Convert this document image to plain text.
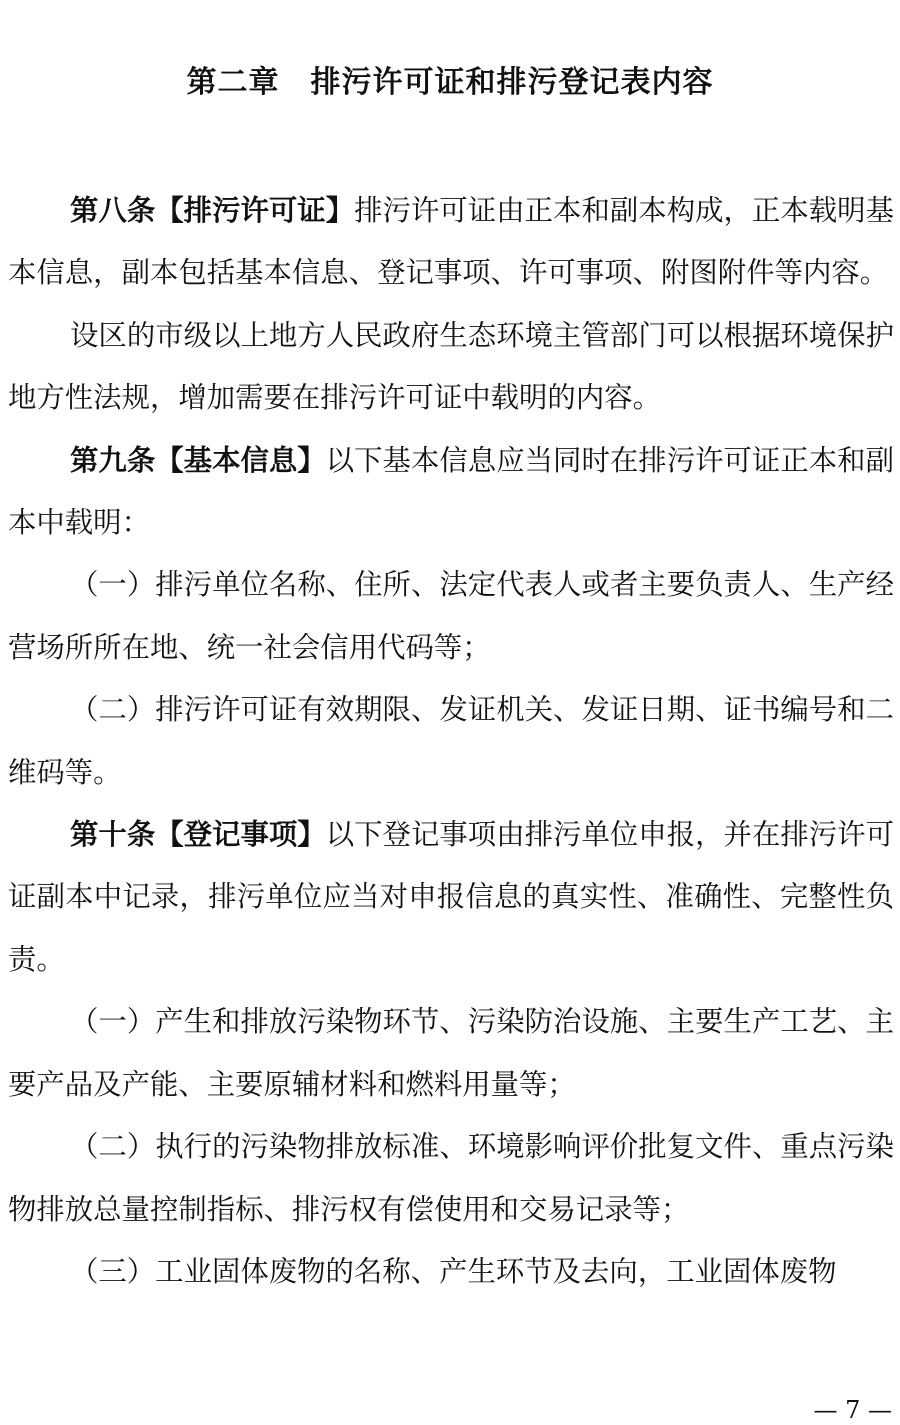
第二章　排污许可证和排污登记表内容

第八条【排污许可证】排污许可证由正本和副本构成，正本载明基本信息，副本包括基本信息、登记事项、许可事项、附图附件等内容。

设区的市级以上地方人民政府生态环境主管部门可以根据环境保护地方性法规，增加需要在排污许可证中载明的内容。

第九条【基本信息】以下基本信息应当同时在排污许可证正本和副本中载明：

（一）排污单位名称、住所、法定代表人或者主要负责人、生产经营场所所在地、统一社会信用代码等；

（二）排污许可证有效期限、发证机关、发证日期、证书编号和二维码等。

第十条【登记事项】以下登记事项由排污单位申报，并在排污许可证副本中记录，排污单位应当对申报信息的真实性、准确性、完整性负责。

（一）产生和排放污染物环节、污染防治设施、主要生产工艺、主要产品及产能、主要原辅材料和燃料用量等；

（二）执行的污染物排放标准、环境影响评价批复文件、重点污染物排放总量控制指标、排污权有偿使用和交易记录等；

（三）工业固体废物的名称、产生环节及去向，工业固体废物

— 7 —
